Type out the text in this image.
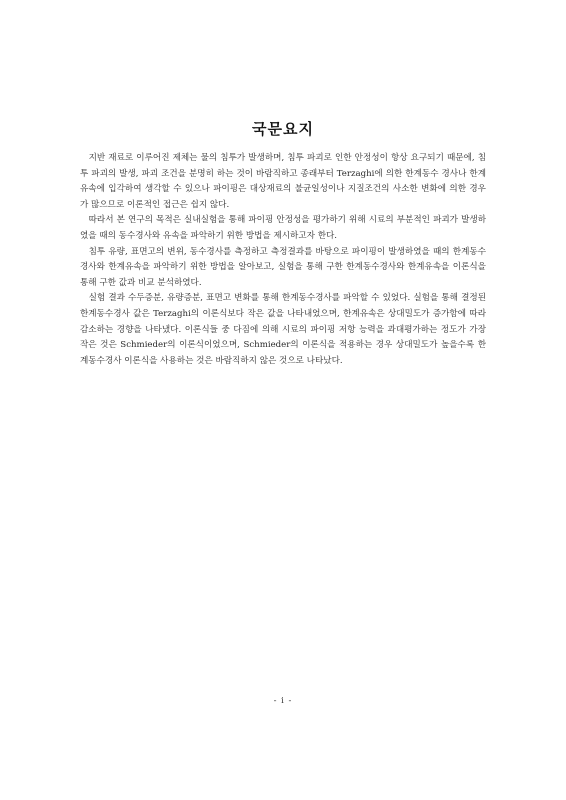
국문요지

지반 재료로 이루어진 제체는 물의 침투가 발생하며, 침투 파괴로 인한 안정성이 항상 요구되기 때문에, 침투 파괴의 발생, 파괴 조건을 분명히 하는 것이 바람직하고 종래부터 Terzaghi에 의한 한계동수 경사나 한계 유속에 입각하여 생각할 수 있으나 파이핑은 대상재료의 불균일성이나 지질조건의 사소한 변화에 의한 경우가 많으므로 이론적인 접근은 쉽지 않다.

따라서 본 연구의 목적은 실내실험을 통해 파이핑 안정성을 평가하기 위해 시료의 부분적인 파괴가 발생하였을 때의 동수경사와 유속을 파악하기 위한 방법을 제시하고자 한다.

침투 유량, 표면고의 변위, 동수경사를 측정하고 측정결과를 바탕으로 파이핑이 발생하였을 때의 한계동수경사와 한계유속을 파악하기 위한 방법을 알아보고, 실험을 통해 구한 한계동수경사와 한계유속을 이론식을 통해 구한 값과 비교 분석하였다.

실험 결과 수두증분, 유량증분, 표면고 변화를 통해 한계동수경사를 파악할 수 있었다. 실험을 통해 결정된 한계동수경사 값은 Terzaghi의 이론식보다 작은 값을 나타내었으며, 한계유속은 상대밀도가 증가함에 따라 감소하는 경향을 나타냈다. 이론식들 중 다짐에 의해 시료의 파이핑 저항 능력을 과대평가하는 정도가 가장 작은 것은 Schmieder의 이론식이었으며, Schmieder의 이론식을 적용하는 경우 상대밀도가 높을수록 한계동수경사 이론식을 사용하는 것은 바람직하지 않은 것으로 나타났다.

- i -
